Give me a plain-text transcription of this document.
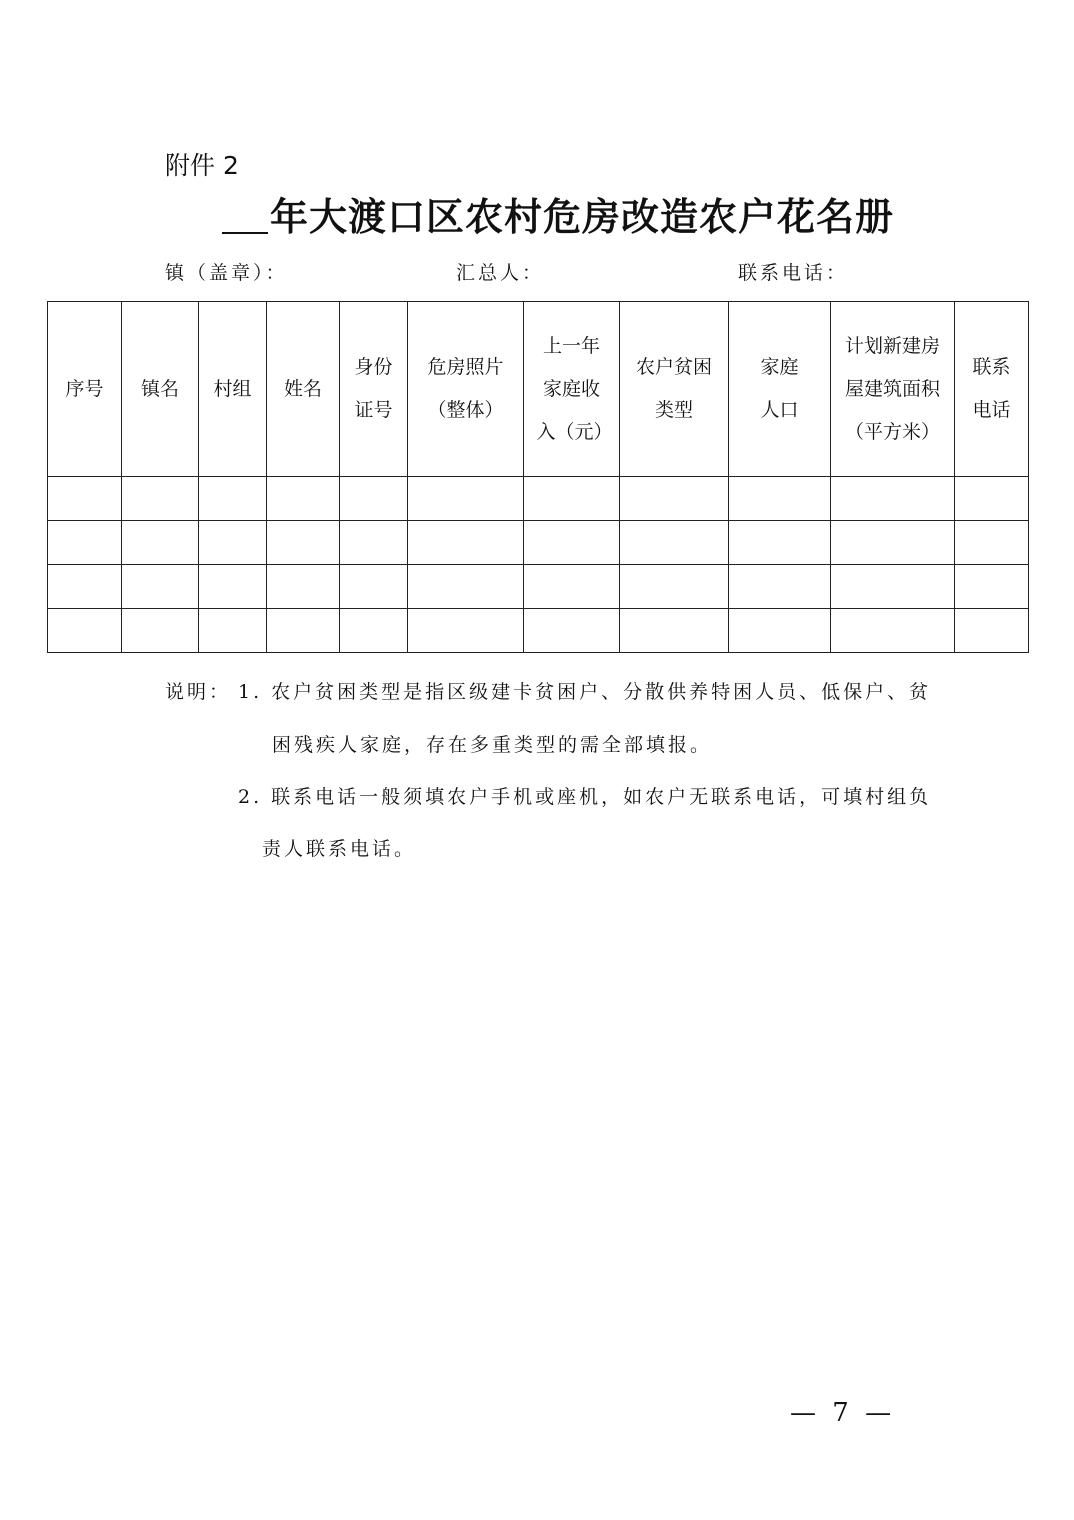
附件 2
年大渡口区农村危房改造农户花名册
镇（盖章）：	汇总人：	联系电话：
序号	镇名	村组	姓名	身份证号	危房照片（整体）	上一年家庭收入（元）	农户贫困类型	家庭人口	计划新建房屋建筑面积（平方米）	联系电话

说明： 1. 农户贫困类型是指区级建卡贫困户、分散供养特困人员、低保户、贫
困残疾人家庭，存在多重类型的需全部填报。
2. 联系电话一般须填农户手机或座机，如农户无联系电话，可填村组负
责人联系电话。
— 7 —
